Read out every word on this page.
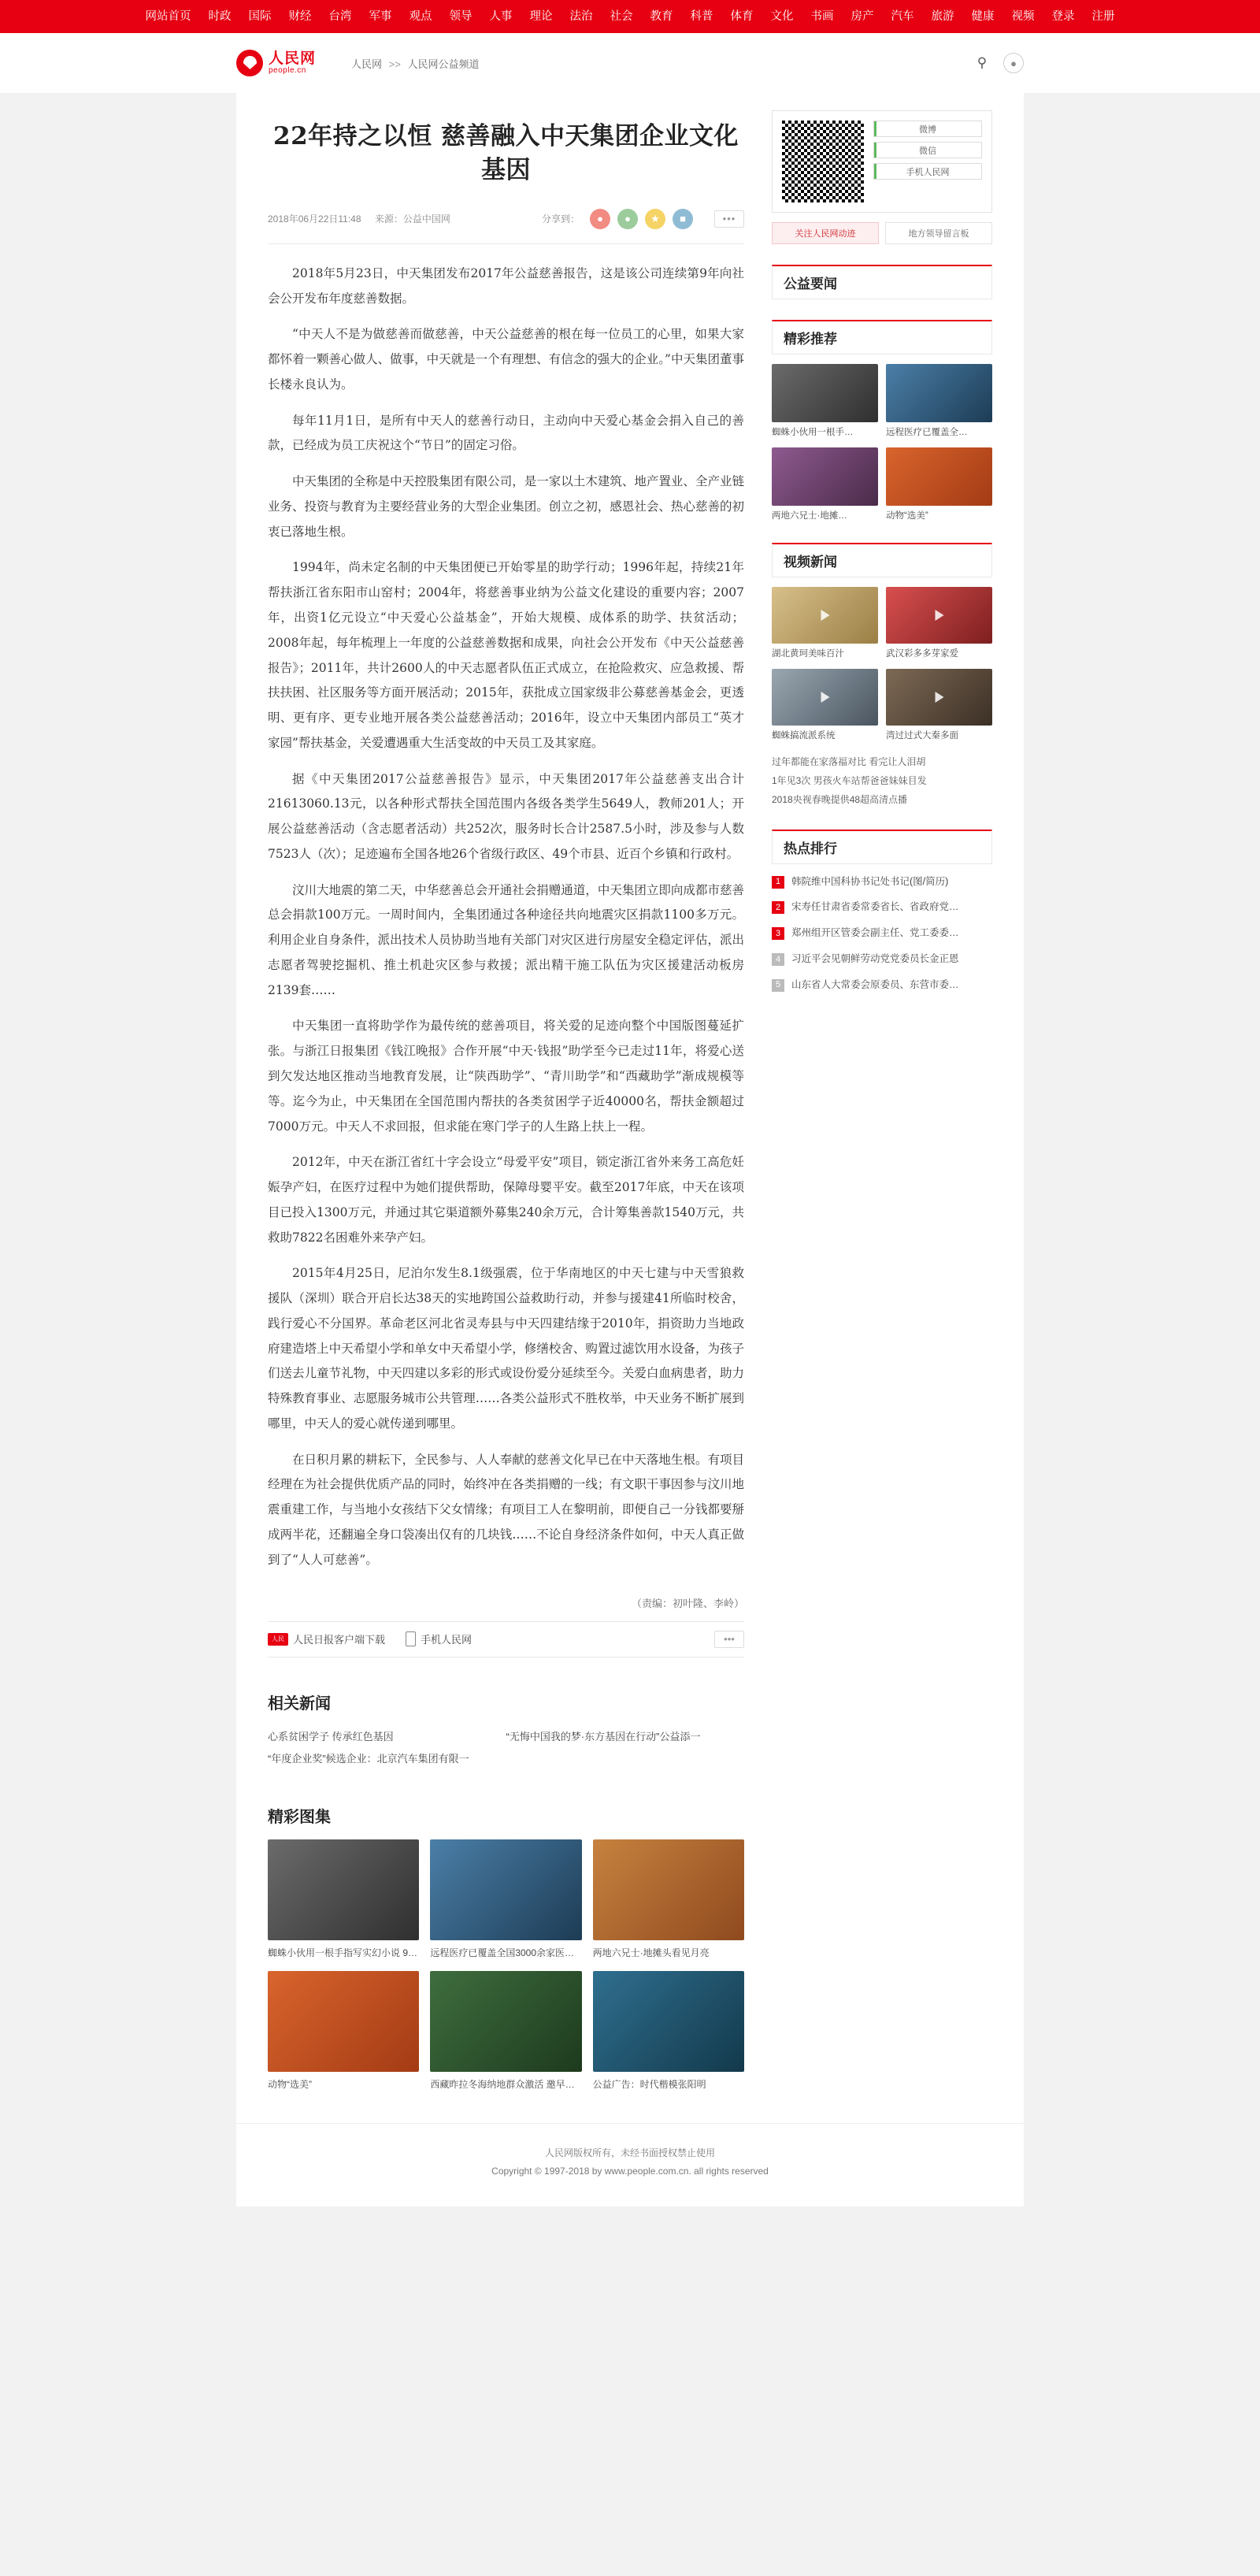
网站首页	时政	国际	财经	台湾	军事	观点	领导	人事	理论	法治	社会	教育	科普	体育	文化	书画	房产	汽车	旅游	健康	视频	登录	注册
人民网
people.cn
人民网 >> 人民网公益频道	⚲	●
22年持之以恒 慈善融入中天集团企业文化基因
2018年06月22日11:48 来源：公益中国网	分享到：	●	●	★	■	•••

2018年5月23日，中天集团发布2017年公益慈善报告，这是该公司连续第9年向社会公开发布年度慈善数据。

“中天人不是为做慈善而做慈善，中天公益慈善的根在每一位员工的心里，如果大家都怀着一颗善心做人、做事，中天就是一个有理想、有信念的强大的企业。”中天集团董事长楼永良认为。

每年11月1日，是所有中天人的慈善行动日，主动向中天爱心基金会捐入自己的善款，已经成为员工庆祝这个“节日”的固定习俗。

中天集团的全称是中天控股集团有限公司，是一家以土木建筑、地产置业、全产业链业务、投资与教育为主要经营业务的大型企业集团。创立之初，感恩社会、热心慈善的初衷已落地生根。

1994年，尚未定名制的中天集团便已开始零星的助学行动；1996年起，持续21年帮扶浙江省东阳市山窑村；2004年，将慈善事业纳为公益文化建设的重要内容；2007年，出资1亿元设立“中天爱心公益基金”，开始大规模、成体系的助学、扶贫活动；2008年起，每年梳理上一年度的公益慈善数据和成果，向社会公开发布《中天公益慈善报告》；2011年，共计2600人的中天志愿者队伍正式成立，在抢险救灾、应急救援、帮扶扶困、社区服务等方面开展活动；2015年，获批成立国家级非公募慈善基金会，更透明、更有序、更专业地开展各类公益慈善活动；2016年，设立中天集团内部员工“英才家园”帮扶基金，关爱遭遇重大生活变故的中天员工及其家庭。

据《中天集团2017公益慈善报告》显示，中天集团2017年公益慈善支出合计21613060.13元，以各种形式帮扶全国范围内各级各类学生5649人，教师201人；开展公益慈善活动（含志愿者活动）共252次，服务时长合计2587.5小时，涉及参与人数7523人（次）；足迹遍布全国各地26个省级行政区、49个市县、近百个乡镇和行政村。

汶川大地震的第二天，中华慈善总会开通社会捐赠通道，中天集团立即向成都市慈善总会捐款100万元。一周时间内，全集团通过各种途径共向地震灾区捐款1100多万元。利用企业自身条件，派出技术人员协助当地有关部门对灾区进行房屋安全稳定评估，派出志愿者驾驶挖掘机、推土机赴灾区参与救援；派出精干施工队伍为灾区援建活动板房2139套……

中天集团一直将助学作为最传统的慈善项目，将关爱的足迹向整个中国版图蔓延扩张。与浙江日报集团《钱江晚报》合作开展“中天·钱报”助学至今已走过11年，将爱心送到欠发达地区推动当地教育发展，让“陕西助学”、“青川助学”和“西藏助学”渐成规模等等。迄今为止，中天集团在全国范围内帮扶的各类贫困学子近40000名，帮扶金额超过7000万元。中天人不求回报，但求能在寒门学子的人生路上扶上一程。

2012年，中天在浙江省红十字会设立“母爱平安”项目，锁定浙江省外来务工高危妊娠孕产妇，在医疗过程中为她们提供帮助，保障母婴平安。截至2017年底，中天在该项目已投入1300万元，并通过其它渠道额外募集240余万元，合计筹集善款1540万元，共救助7822名困难外来孕产妇。

2015年4月25日，尼泊尔发生8.1级强震，位于华南地区的中天七建与中天雪狼救援队（深圳）联合开启长达38天的实地跨国公益救助行动，并参与援建41所临时校舍，践行爱心不分国界。革命老区河北省灵寿县与中天四建结缘于2010年，捐资助力当地政府建造塔上中天希望小学和单女中天希望小学，修缮校舍、购置过滤饮用水设备，为孩子们送去儿童节礼物，中天四建以多彩的形式或设份爱分延续至今。关爱白血病患者，助力特殊教育事业、志愿服务城市公共管理……各类公益形式不胜枚举，中天业务不断扩展到哪里，中天人的爱心就传递到哪里。

在日积月累的耕耘下，全民参与、人人奉献的慈善文化早已在中天落地生根。有项目经理在为社会提供优质产品的同时，始终冲在各类捐赠的一线；有文职干事因参与汶川地震重建工作，与当地小女孩结下父女情缘；有项目工人在黎明前，即便自己一分钱都要掰成两半花，还翻遍全身口袋凑出仅有的几块钱……不论自身经济条件如何，中天人真正做到了“人人可慈善”。

（责编：初叶隆、李岭）
人民 人民日报客户端下载	手机人民网	•••
相关新闻
心系贫困学子 传承红色基因	“无悔中国我的梦·东方基因在行动”公益添一
“年度企业奖”候选企业：北京汽车集团有限一
精彩图集
蜘蛛小伙用一根手指写实幻小说 9… 远程医疗已覆盖全国3000余家医…	两地六兄士·地摊头看见月亮
动物“选美”	西藏昨拉冬海纳地群众激活 邀早…	公益广告：时代楷模张阳明
微博
微信
手机人民网
关注人民网动迹	地方领导留言板
公益要闻
精彩推荐
蜘蛛小伙用一根手…	远程医疗已覆盖全…
两地六兄士·地摊…	动物“选美”
视频新闻
湖北黄珂美味百汁	武汉彩多多芽家爱
蜘蛛搞流派系统	湾过过式大秦多面
过年都能在家落福对比 看完让人泪胡
1年见3次 男孩火车站帮爸爸妹妹目发
2018央视春晚提供48超高清点播
热点排行
1	韩院维中国科协书记处书记(图/简历)
2	宋寿任甘肃省委常委省长、省政府党…
3	郑州组开区管委会副主任、党工委委…
4	习近平会见朝鲜劳动党党委员长金正恩
5	山东省人大常委会原委员、东营市委…
人民网版权所有，未经书面授权禁止使用
Copyright © 1997-2018 by www.people.com.cn. all rights reserved
